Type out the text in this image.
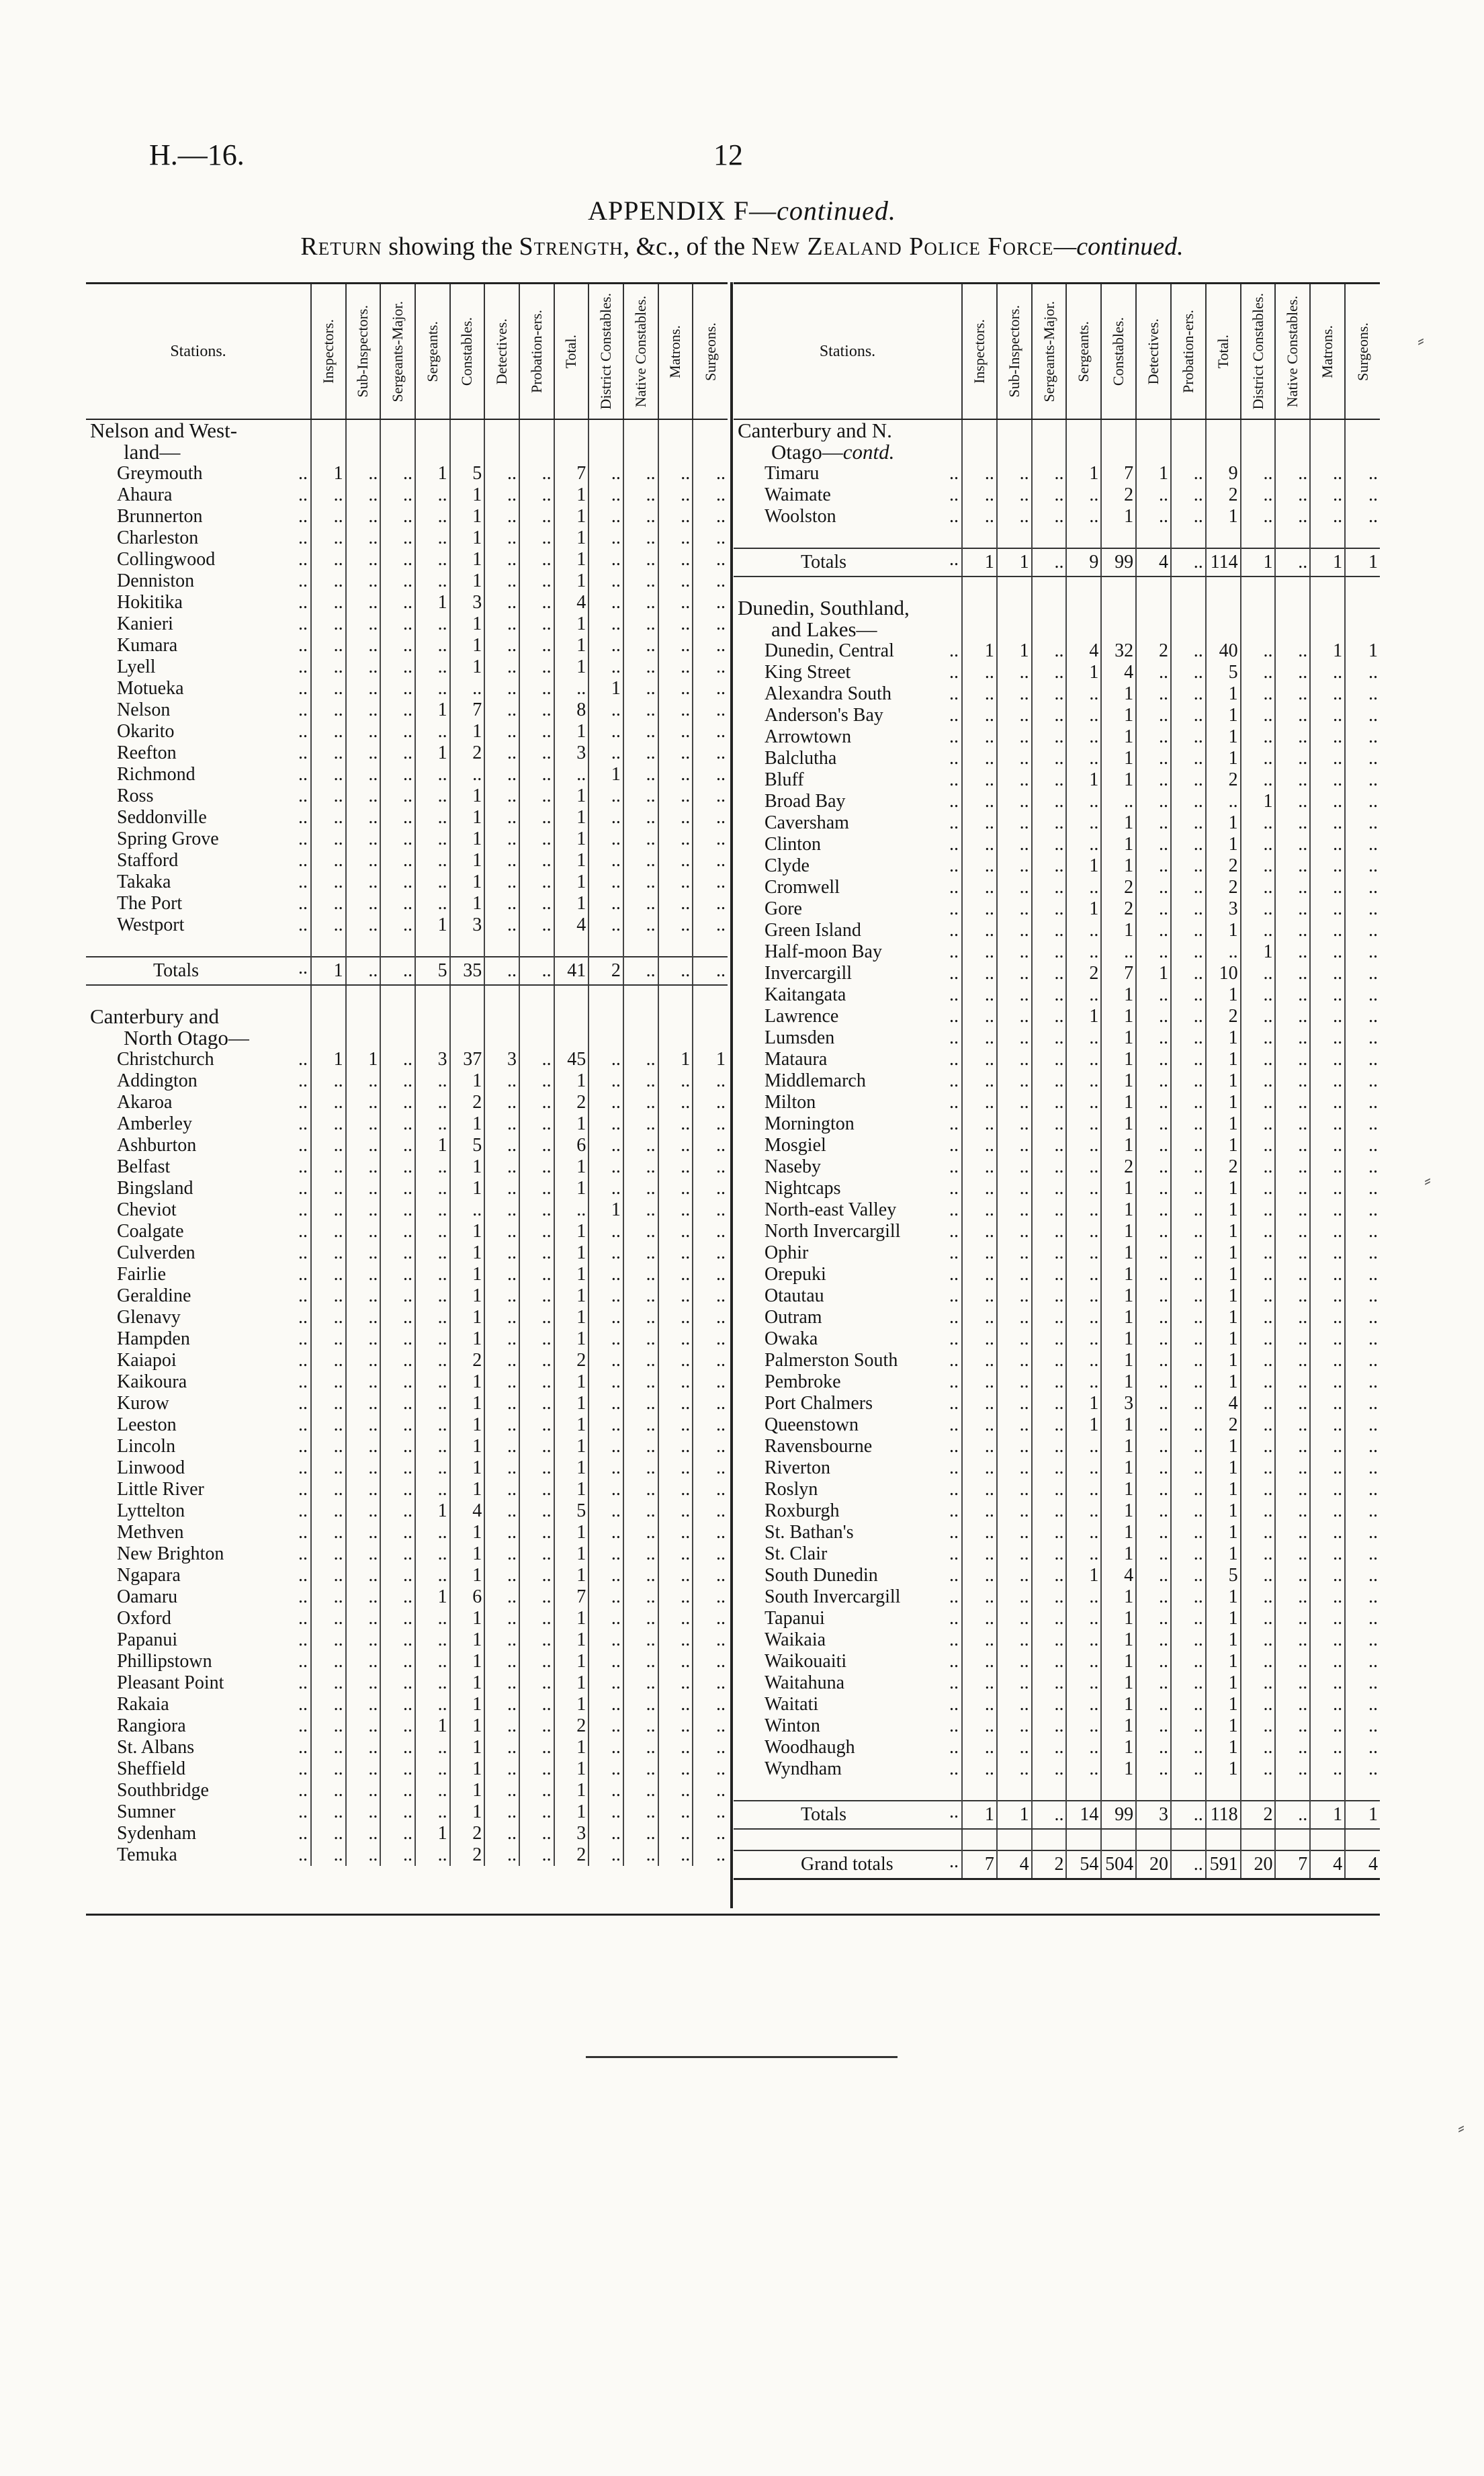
H.—16.	12
APPENDIX F—continued.
Return showing the Strength, &c., of the New Zealand Police Force—continued.
Stations.	Inspectors.	Sub-Inspectors.	Sergeants-Major.	Sergeants.	Constables.	Detectives.	Probation-ers.	Total.	District Constables.	Native Constables.	Matrons.	Surgeons.

Nelson and West-												
land—												
Greymouth ..	1	..	..	1	5	..	..	7	..	..	..	..
Ahaura ..	..	..	..	..	1	..	..	1	..	..	..	..
Brunnerton ..	..	..	..	..	1	..	..	1	..	..	..	..
Charleston ..	..	..	..	..	1	..	..	1	..	..	..	..
Collingwood ..	..	..	..	..	1	..	..	1	..	..	..	..
Denniston ..	..	..	..	..	1	..	..	1	..	..	..	..
Hokitika ..	..	..	..	1	3	..	..	4	..	..	..	..
Kanieri ..	..	..	..	..	1	..	..	1	..	..	..	..
Kumara ..	..	..	..	..	1	..	..	1	..	..	..	..
Lyell ..	..	..	..	..	1	..	..	1	..	..	..	..
Motueka ..	..	..	..	..	..	..	..	..	1	..	..	..
Nelson ..	..	..	..	1	7	..	..	8	..	..	..	..
Okarito ..	..	..	..	..	1	..	..	1	..	..	..	..
Reefton ..	..	..	..	1	2	..	..	3	..	..	..	..
Richmond ..	..	..	..	..	..	..	..	..	1	..	..	..
Ross ..	..	..	..	..	1	..	..	1	..	..	..	..
Seddonville ..	..	..	..	..	1	..	..	1	..	..	..	..
Spring Grove ..	..	..	..	..	1	..	..	1	..	..	..	..
Stafford ..	..	..	..	..	1	..	..	1	..	..	..	..
Takaka ..	..	..	..	..	1	..	..	1	..	..	..	..
The Port ..	..	..	..	..	1	..	..	1	..	..	..	..
Westport ..	..	..	..	1	3	..	..	4	..	..	..	..

Totals ..	1	..	..	5	35	..	..	41	2	..	..	..

Canterbury and												
North Otago—												
Christchurch ..	1	1	..	3	37	3	..	45	..	..	1	1
Addington ..	..	..	..	..	1	..	..	1	..	..	..	..
Akaroa ..	..	..	..	..	2	..	..	2	..	..	..	..
Amberley ..	..	..	..	..	1	..	..	1	..	..	..	..
Ashburton ..	..	..	..	1	5	..	..	6	..	..	..	..
Belfast ..	..	..	..	..	1	..	..	1	..	..	..	..
Bingsland ..	..	..	..	..	1	..	..	1	..	..	..	..
Cheviot ..	..	..	..	..	..	..	..	..	1	..	..	..
Coalgate ..	..	..	..	..	1	..	..	1	..	..	..	..
Culverden ..	..	..	..	..	1	..	..	1	..	..	..	..
Fairlie ..	..	..	..	..	1	..	..	1	..	..	..	..
Geraldine ..	..	..	..	..	1	..	..	1	..	..	..	..
Glenavy ..	..	..	..	..	1	..	..	1	..	..	..	..
Hampden ..	..	..	..	..	1	..	..	1	..	..	..	..
Kaiapoi ..	..	..	..	..	2	..	..	2	..	..	..	..
Kaikoura ..	..	..	..	..	1	..	..	1	..	..	..	..
Kurow ..	..	..	..	..	1	..	..	1	..	..	..	..
Leeston ..	..	..	..	..	1	..	..	1	..	..	..	..
Lincoln ..	..	..	..	..	1	..	..	1	..	..	..	..
Linwood ..	..	..	..	..	1	..	..	1	..	..	..	..
Little River ..	..	..	..	..	1	..	..	1	..	..	..	..
Lyttelton ..	..	..	..	1	4	..	..	5	..	..	..	..
Methven ..	..	..	..	..	1	..	..	1	..	..	..	..
New Brighton ..	..	..	..	..	1	..	..	1	..	..	..	..
Ngapara ..	..	..	..	..	1	..	..	1	..	..	..	..
Oamaru ..	..	..	..	1	6	..	..	7	..	..	..	..
Oxford ..	..	..	..	..	1	..	..	1	..	..	..	..
Papanui ..	..	..	..	..	1	..	..	1	..	..	..	..
Phillipstown ..	..	..	..	..	1	..	..	1	..	..	..	..
Pleasant Point ..	..	..	..	..	1	..	..	1	..	..	..	..
Rakaia ..	..	..	..	..	1	..	..	1	..	..	..	..
Rangiora ..	..	..	..	1	1	..	..	2	..	..	..	..
St. Albans ..	..	..	..	..	1	..	..	1	..	..	..	..
Sheffield ..	..	..	..	..	1	..	..	1	..	..	..	..
Southbridge ..	..	..	..	..	1	..	..	1	..	..	..	..
Sumner ..	..	..	..	..	1	..	..	1	..	..	..	..
Sydenham ..	..	..	..	1	2	..	..	3	..	..	..	..
Temuka ..	..	..	..	..	2	..	..	2	..	..	..	..
Stations.	Inspectors.	Sub-Inspectors.	Sergeants-Major.	Sergeants.	Constables.	Detectives.	Probation-ers.	Total.	District Constables.	Native Constables.	Matrons.	Surgeons.

Canterbury and N.												
Otago—contd.												
Timaru ..	..	..	..	1	7	1	..	9	..	..	..	..
Waimate ..	..	..	..	..	2	..	..	2	..	..	..	..
Woolston ..	..	..	..	..	1	..	..	1	..	..	..	..

Totals ..	1	1	..	9	99	4	..	114	1	..	1	1

Dunedin, Southland,												
and Lakes—												
Dunedin, Central ..	1	1	..	4	32	2	..	40	..	..	1	1
King Street ..	..	..	..	1	4	..	..	5	..	..	..	..
Alexandra South ..	..	..	..	..	1	..	..	1	..	..	..	..
Anderson's Bay ..	..	..	..	..	1	..	..	1	..	..	..	..
Arrowtown ..	..	..	..	..	1	..	..	1	..	..	..	..
Balclutha ..	..	..	..	..	1	..	..	1	..	..	..	..
Bluff ..	..	..	..	1	1	..	..	2	..	..	..	..
Broad Bay ..	..	..	..	..	..	..	..	..	1	..	..	..
Caversham ..	..	..	..	..	1	..	..	1	..	..	..	..
Clinton ..	..	..	..	..	1	..	..	1	..	..	..	..
Clyde ..	..	..	..	1	1	..	..	2	..	..	..	..
Cromwell ..	..	..	..	..	2	..	..	2	..	..	..	..
Gore ..	..	..	..	1	2	..	..	3	..	..	..	..
Green Island ..	..	..	..	..	1	..	..	1	..	..	..	..
Half-moon Bay ..	..	..	..	..	..	..	..	..	1	..	..	..
Invercargill ..	..	..	..	2	7	1	..	10	..	..	..	..
Kaitangata ..	..	..	..	..	1	..	..	1	..	..	..	..
Lawrence ..	..	..	..	1	1	..	..	2	..	..	..	..
Lumsden ..	..	..	..	..	1	..	..	1	..	..	..	..
Mataura ..	..	..	..	..	1	..	..	1	..	..	..	..
Middlemarch ..	..	..	..	..	1	..	..	1	..	..	..	..
Milton ..	..	..	..	..	1	..	..	1	..	..	..	..
Mornington ..	..	..	..	..	1	..	..	1	..	..	..	..
Mosgiel ..	..	..	..	..	1	..	..	1	..	..	..	..
Naseby ..	..	..	..	..	2	..	..	2	..	..	..	..
Nightcaps ..	..	..	..	..	1	..	..	1	..	..	..	..
North-east Valley ..	..	..	..	..	1	..	..	1	..	..	..	..
North Invercargill ..	..	..	..	..	1	..	..	1	..	..	..	..
Ophir ..	..	..	..	..	1	..	..	1	..	..	..	..
Orepuki ..	..	..	..	..	1	..	..	1	..	..	..	..
Otautau ..	..	..	..	..	1	..	..	1	..	..	..	..
Outram ..	..	..	..	..	1	..	..	1	..	..	..	..
Owaka ..	..	..	..	..	1	..	..	1	..	..	..	..
Palmerston South ..	..	..	..	..	1	..	..	1	..	..	..	..
Pembroke ..	..	..	..	..	1	..	..	1	..	..	..	..
Port Chalmers ..	..	..	..	1	3	..	..	4	..	..	..	..
Queenstown ..	..	..	..	1	1	..	..	2	..	..	..	..
Ravensbourne ..	..	..	..	..	1	..	..	1	..	..	..	..
Riverton ..	..	..	..	..	1	..	..	1	..	..	..	..
Roslyn ..	..	..	..	..	1	..	..	1	..	..	..	..
Roxburgh ..	..	..	..	..	1	..	..	1	..	..	..	..
St. Bathan's ..	..	..	..	..	1	..	..	1	..	..	..	..
St. Clair ..	..	..	..	..	1	..	..	1	..	..	..	..
South Dunedin ..	..	..	..	1	4	..	..	5	..	..	..	..
South Invercargill ..	..	..	..	..	1	..	..	1	..	..	..	..
Tapanui ..	..	..	..	..	1	..	..	1	..	..	..	..
Waikaia ..	..	..	..	..	1	..	..	1	..	..	..	..
Waikouaiti ..	..	..	..	..	1	..	..	1	..	..	..	..
Waitahuna ..	..	..	..	..	1	..	..	1	..	..	..	..
Waitati ..	..	..	..	..	1	..	..	1	..	..	..	..
Winton ..	..	..	..	..	1	..	..	1	..	..	..	..
Woodhaugh ..	..	..	..	..	1	..	..	1	..	..	..	..
Wyndham ..	..	..	..	..	1	..	..	1	..	..	..	..

Totals ..	1	1	..	14	99	3	..	118	2	..	1	1

Grand totals ..	7	4	2	54	504	20	..	591	20	7	4	4
⸗
⸗
⸗
